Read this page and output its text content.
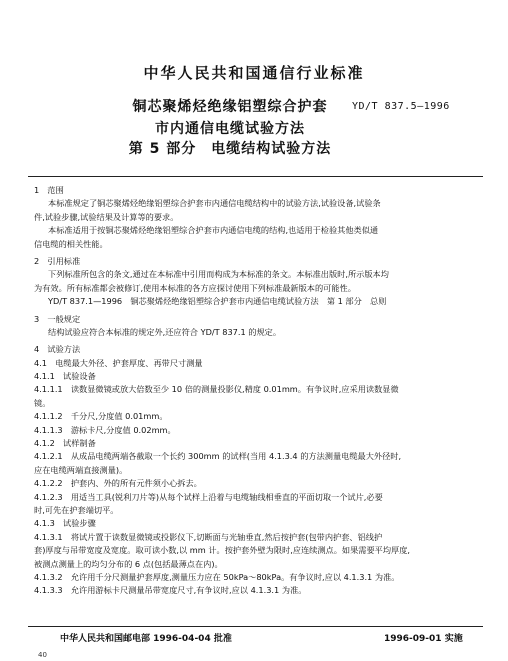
中华人民共和国通信行业标准
铜芯聚烯烃绝缘铝塑综合护套	YD/T 837.5—1996
市内通信电缆试验方法
第 5 部分　电缆结构试验方法
1　范围
本标准规定了铜芯聚烯烃绝缘铝塑综合护套市内通信电缆结构中的试验方法,试验设备,试验条
件,试验步骤,试验结果及计算等的要求。
本标准适用于按铜芯聚烯烃绝缘铝塑综合护套市内通信电缆的结构,也适用于检验其他类似通
信电缆的相关性能。
2　引用标准
下列标准所包含的条文,通过在本标准中引用而构成为本标准的条文。本标准出版时,所示版本均
为有效。所有标准都会被修订,使用本标准的各方应探讨使用下列标准最新版本的可能性。
YD/T 837.1—1996　铜芯聚烯烃绝缘铝塑综合护套市内通信电缆试验方法　第 1 部分　总则
3　一般规定
结构试验应符合本标准的规定外,还应符合 YD/T 837.1 的规定。
4　试验方法
4.1　电缆最大外径、护套厚度、再带尺寸测量
4.1.1　试验设备
4.1.1.1　读数显微镜或放大倍数至少 10 倍的测量投影仪,精度 0.01mm。有争议时,应采用读数显微
镜。
4.1.1.2　千分尺,分度值 0.01mm。
4.1.1.3　游标卡尺,分度值 0.02mm。
4.1.2　试样制备
4.1.2.1　从成品电缆两端各截取一个长约 300mm 的试样(当用 4.1.3.4 的方法测量电缆最大外径时,
应在电缆两端直接测量)。
4.1.2.2　护套内、外的所有元件须小心拆去。
4.1.2.3　用适当工具(锐利刀片等)从每个试样上沿着与电缆轴线相垂直的平面切取一个试片,必要
时,可先在护套端切平。
4.1.3　试验步骤
4.1.3.1　将试片置于读数显微镜或投影仪下,切断面与光轴垂直,然后按护套(包带内护套、铝线护
套)厚度与吊带宽度及宽度。取可读小数,以 mm 计。按护套外壁为限时,应连续测点。如果需要平均厚度,
被测点测量上的均匀分布的 6 点(包括最薄点在内)。
4.1.3.2　允许用千分尺测量护套厚度,测量压力应在 50kPa～80kPa。有争议时,应以 4.1.3.1 为准。
4.1.3.3　允许用游标卡尺测量吊带宽度尺寸,有争议时,应以 4.1.3.1 为准。
中华人民共和国邮电部 1996-04-04 批准	1996-09-01 实施
40
